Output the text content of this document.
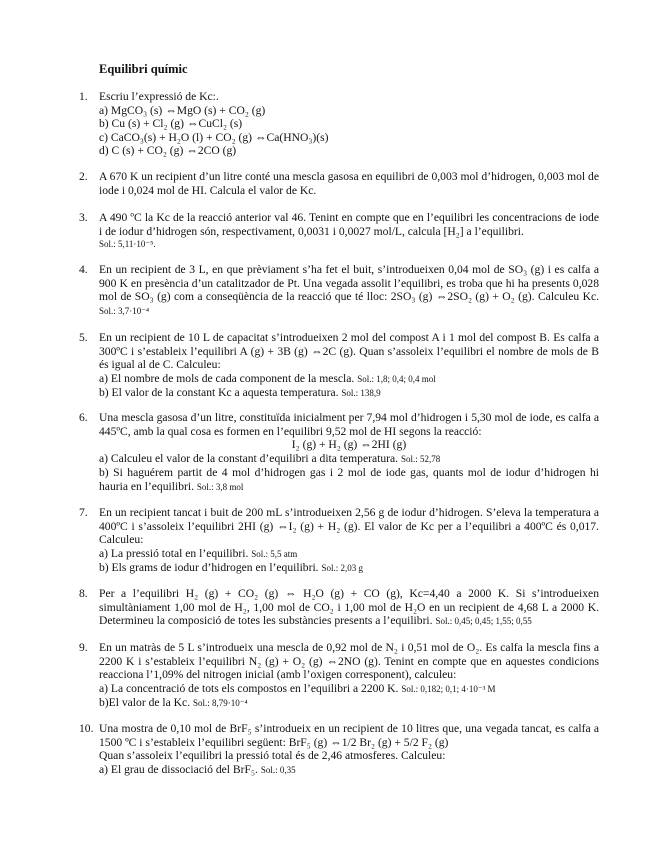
Equilibri químic
1. Escriu l’expressió de Kc:.
a) MgCO₃ (s) ⇔MgO (s) + CO₂ (g)
b) Cu (s) + Cl₂ (g) ⇔CuCl₂ (s)
c) CaCO₃(s) + H₂O (l) + CO₂ (g) ⇔Ca(HNO₃)(s)
d) C (s) + CO₂ (g) ⇔2CO (g)
2. A 670 K un recipient d’un litre conté una mescla gasosa en equilibri de 0,003 mol d’hidrogen, 0,003 mol de iode i 0,024 mol de HI. Calcula el valor de Kc.
3. A 490 ºC la Kc de la reacció anterior val 46. Tenint en compte que en l’equilibri les concentracions de iode i de iodur d’hidrogen són, respectivament, 0,0031 i 0,0027 mol/L, calcula [H₂] a l’equilibri.
Sol.: 5,11·10⁻⁵.
4. En un recipient de 3 L, en que prèviament s’ha fet el buit, s’introdueixen 0,04 mol de SO₃ (g) i es calfa a 900 K en presència d’un catalitzador de Pt. Una vegada assolit l’equilibri, es troba que hi ha presents 0,028 mol de SO₃ (g) com a conseqüència de la reacció que té lloc: 2SO₃ (g) ⇔2SO₂ (g) + O₂ (g). Calculeu Kc. Sol.: 3,7·10⁻⁴
5. En un recipient de 10 L de capacitat s’introdueixen 2 mol del compost A i 1 mol del compost B. Es calfa a 300ºC i s’estableix l’equilibri A (g) + 3B (g) ⇔2C (g). Quan s’assoleix l’equilibri el nombre de mols de B és igual al de C. Calculeu:
a) El nombre de mols de cada component de la mescla. Sol.: 1,8; 0,4; 0,4 mol
b) El valor de la constant Kc a aquesta temperatura. Sol.: 138,9
6. Una mescla gasosa d’un litre, constituïda inicialment per 7,94 mol d’hidrogen i 5,30 mol de iode, es calfa a 445ºC, amb la qual cosa es formen en l’equilibri 9,52 mol de HI segons la reacció:
I₂ (g) + H₂ (g) ⇔2HI (g)
a) Calculeu el valor de la constant d’equilibri a dita temperatura. Sol.: 52,78
b) Si haguérem partit de 4 mol d’hidrogen gas i 2 mol de iode gas, quants mol de iodur d’hidrogen hi hauria en l’equilibri. Sol.: 3,8 mol
7. En un recipient tancat i buit de 200 mL s’introdueixen 2,56 g de iodur d’hidrogen. S’eleva la temperatura a 400ºC i s’assoleix l’equilibri 2HI (g) ⇔I₂ (g) + H₂ (g). El valor de Kc per a l’equilibri a 400ºC és 0,017. Calculeu:
a) La pressió total en l’equilibri. Sol.: 5,5 atm
b) Els grams de iodur d’hidrogen en l’equilibri. Sol.: 2,03 g
8. Per a l’equilibri H₂ (g) + CO₂ (g) ⇔ H₂O (g) + CO (g), Kc=4,40 a 2000 K. Si s’introdueixen simultàniament 1,00 mol de H₂, 1,00 mol de CO₂ i 1,00 mol de H₂O en un recipient de 4,68 L a 2000 K. Determineu la composició de totes les substàncies presents a l’equilibri. Sol.: 0,45; 0,45; 1,55; 0,55
9. En un matràs de 5 L s’introdueix una mescla de 0,92 mol de N₂ i 0,51 mol de O₂. Es calfa la mescla fins a 2200 K i s’estableix l’equilibri N₂ (g) + O₂ (g) ⇔2NO (g). Tenint en compte que en aquestes condicions reacciona l’1,09% del nitrogen inicial (amb l’oxigen corresponent), calculeu:
a) La concentració de tots els compostos en l’equilibri a 2200 K. Sol.: 0,182; 0,1; 4·10⁻³ M
b)El valor de la Kc. Sol.: 8,79·10⁻⁴
10. Una mostra de 0,10 mol de BrF₅ s’introdueix en un recipient de 10 litres que, una vegada tancat, es calfa a 1500 ºC i s’estableix l’equilibri següent: BrF₅ (g) ⇔1/2 Br₂ (g) + 5/2 F₂ (g)
Quan s’assoleix l’equilibri la pressió total és de 2,46 atmosferes. Calculeu:
a) El grau de dissociació del BrF₅. Sol.: 0,35
